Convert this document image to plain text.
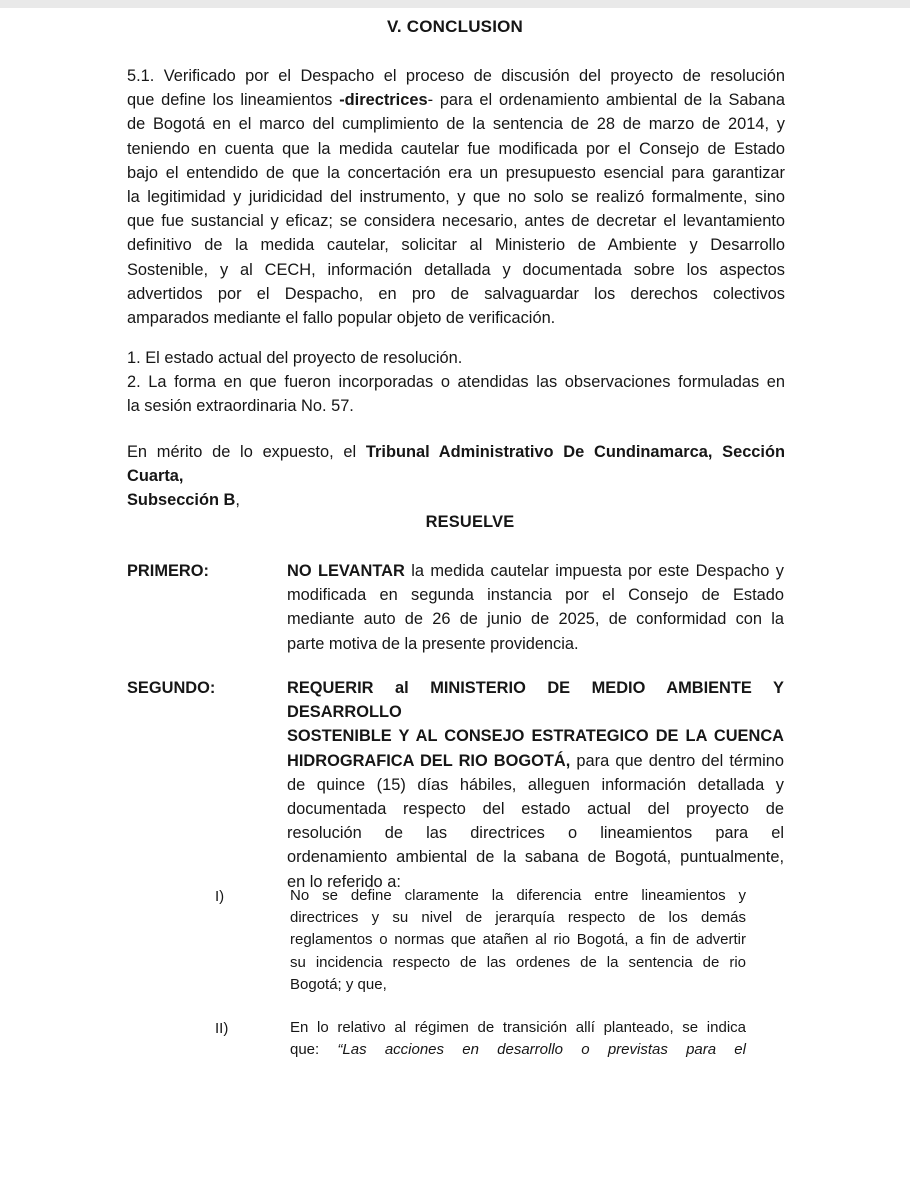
V. CONCLUSION
5.1. Verificado por el Despacho el proceso de discusión del proyecto de resolución
que define los lineamientos -directrices- para el ordenamiento ambiental de la Sabana
de Bogotá en el marco del cumplimiento de la sentencia de 28 de marzo de 2014, y
teniendo en cuenta que la medida cautelar fue modificada por el Consejo de Estado
bajo el entendido de que la concertación era un presupuesto esencial para garantizar
la legitimidad y juridicidad del instrumento, y que no solo se realizó formalmente, sino
que fue sustancial y eficaz; se considera necesario, antes de decretar el levantamiento
definitivo de la medida cautelar, solicitar al Ministerio de Ambiente y Desarrollo
Sostenible, y al CECH, información detallada y documentada sobre los aspectos
advertidos por el Despacho, en pro de salvaguardar los derechos colectivos
amparados mediante el fallo popular objeto de verificación.
1. El estado actual del proyecto de resolución.
2. La forma en que fueron incorporadas o atendidas las observaciones formuladas en
la sesión extraordinaria No. 57.
En mérito de lo expuesto, el Tribunal Administrativo De Cundinamarca, Sección Cuarta,
Subsección B,
RESUELVE
PRIMERO:	NO LEVANTAR la medida cautelar impuesta por este Despacho y
modificada en segunda instancia por el Consejo de Estado
mediante auto de 26 de junio de 2025, de conformidad con la
parte motiva de la presente providencia.
SEGUNDO:	REQUERIR al MINISTERIO DE MEDIO AMBIENTE Y DESARROLLO
SOSTENIBLE Y AL CONSEJO ESTRATEGICO DE LA CUENCA
HIDROGRAFICA DEL RIO BOGOTÁ, para que dentro del término
de quince (15) días hábiles, alleguen información detallada y
documentada respecto del estado actual del proyecto de
resolución de las directrices o lineamientos para el
ordenamiento ambiental de la sabana de Bogotá, puntualmente,
en lo referido a:
I)	No se define claramente la diferencia entre lineamientos y
directrices y su nivel de jerarquía respecto de los demás
reglamentos o normas que atañen al rio Bogotá, a fin de advertir
su incidencia respecto de las ordenes de la sentencia de rio
Bogotá; y que,
II)	En lo relativo al régimen de transición allí planteado, se indica
que: “Las acciones en desarrollo o previstas para el
